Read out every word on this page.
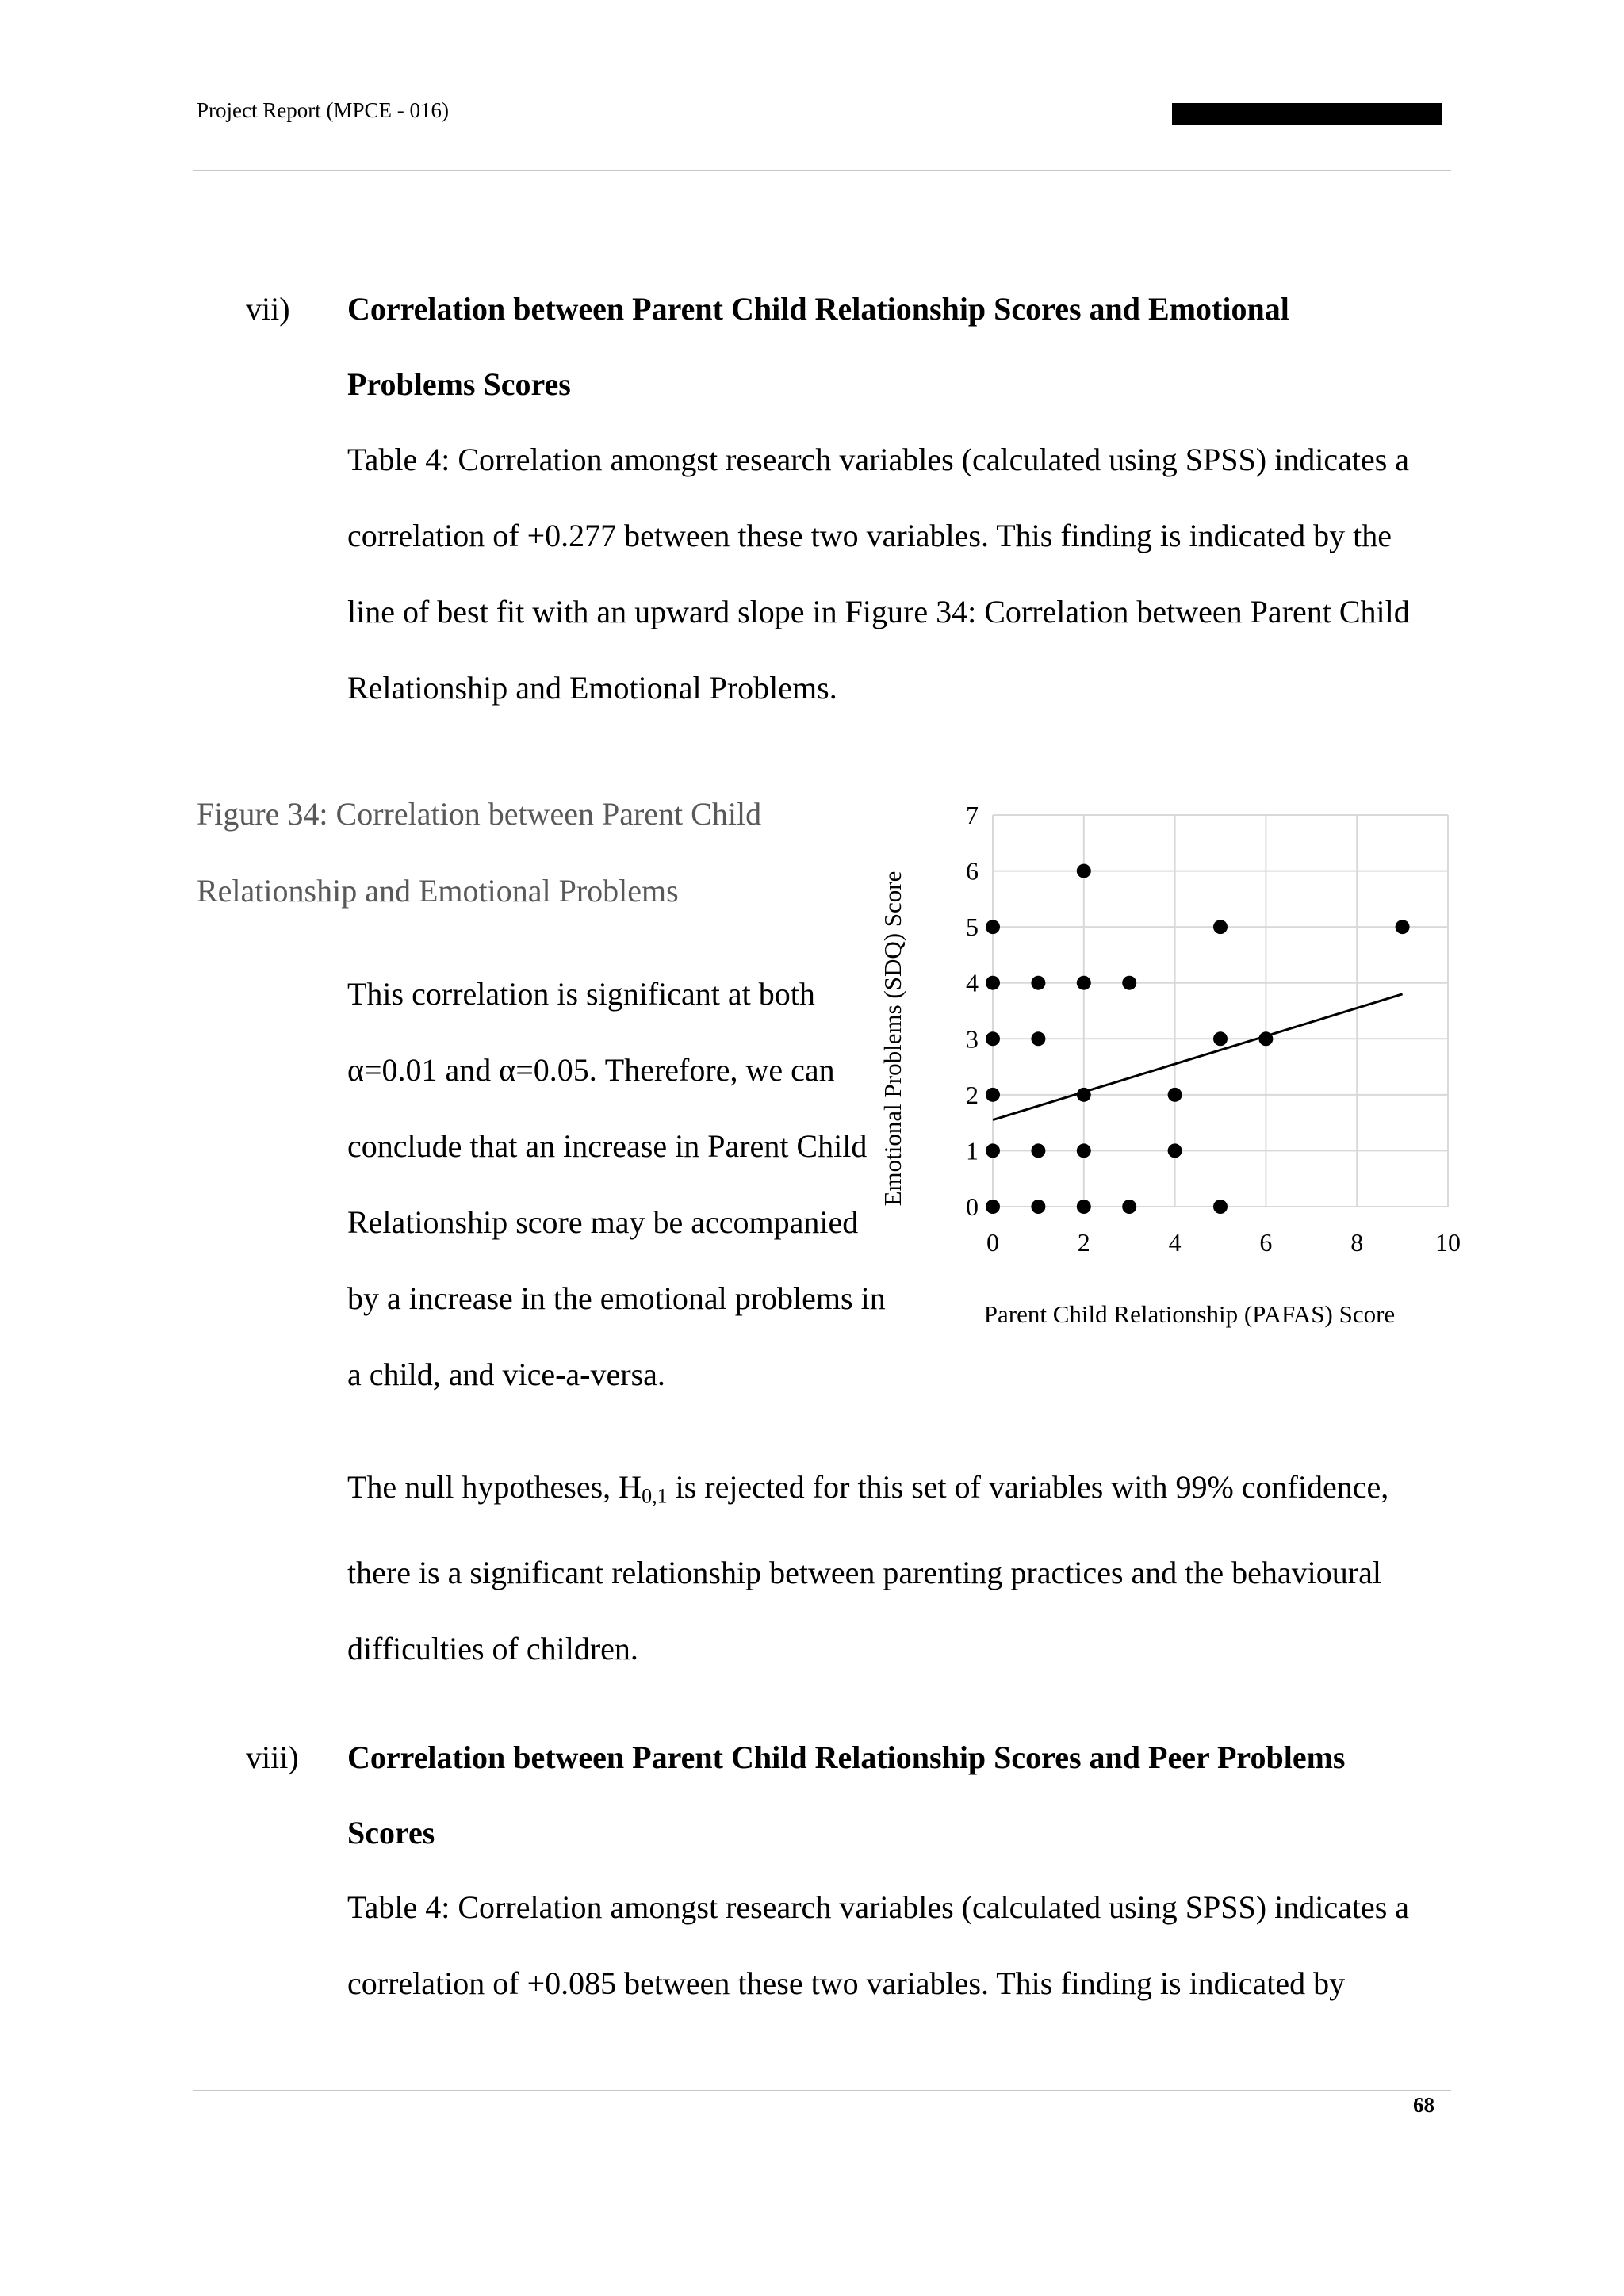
Project Report (MPCE - 016)
vii) Correlation between Parent Child Relationship Scores and Emotional
Problems Scores
Table 4: Correlation amongst research variables (calculated using SPSS) indicates a correlation of +0.277 between these two variables. This finding is indicated by the line of best fit with an upward slope in Figure 34: Correlation between Parent Child Relationship and Emotional Problems.
Figure 34: Correlation between Parent Child Relationship and Emotional Problems
This correlation is significant at both α=0.01 and α=0.05. Therefore, we can conclude that an increase in Parent Child Relationship score may be accompanied by a increase in the emotional problems in a child, and vice-a-versa.
0
1
2
3
4
5
6
7
0	2	4	6	8	10
Parent Child Relationship (PAFAS) Score
Emotional Problems (SDQ) Score
The null hypotheses, $H_{0,1}$ is rejected for this set of variables with 99% confidence, there is a significant relationship between parenting practices and the behavioural difficulties of children.
viii) Correlation between Parent Child Relationship Scores and Peer Problems
Scores
Table 4: Correlation amongst research variables (calculated using SPSS) indicates a correlation of +0.085 between these two variables. This finding is indicated by
68
